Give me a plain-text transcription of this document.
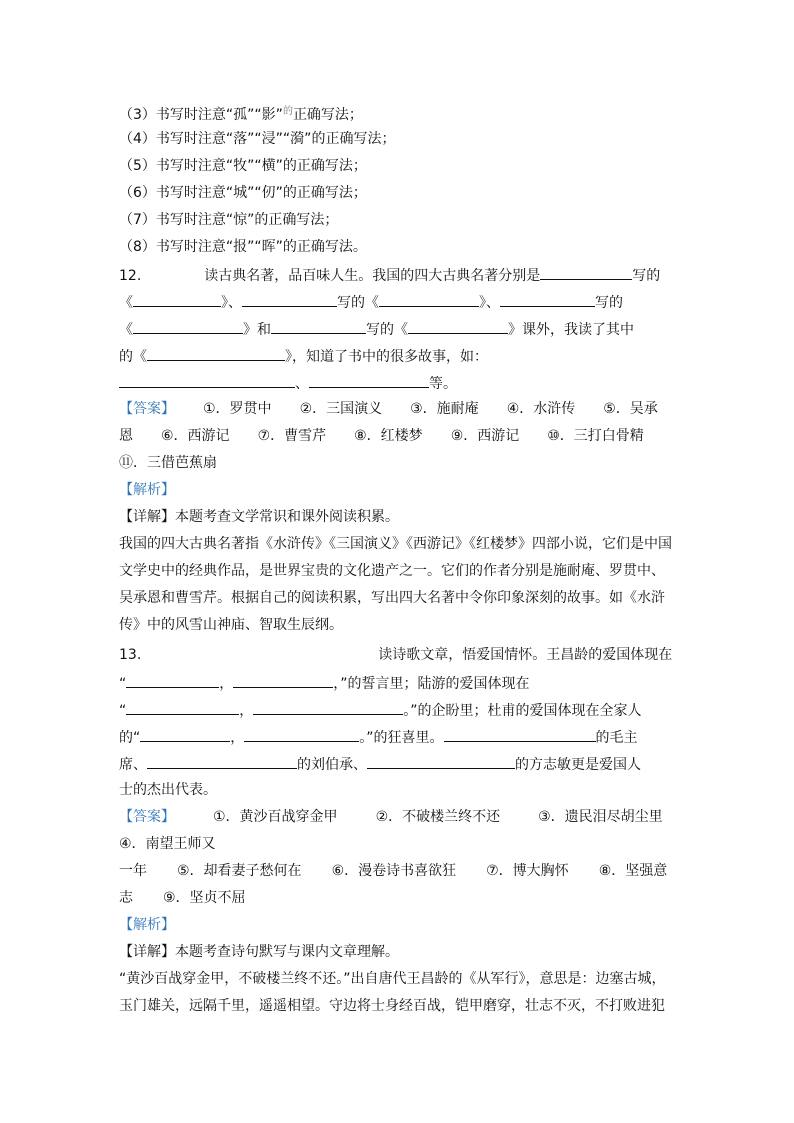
（3）书写时注意“孤”“影”$^的$正确写法；
（4）书写时注意“落”“浸”“漪”的正确写法；
（5）书写时注意“牧”“横”的正确写法；
（6）书写时注意“城”“仞”的正确写法；
（7）书写时注意“惊”的正确写法；
（8）书写时注意“报”“晖”的正确写法。
12.	读古典名著，品百味人生。我国的四大古典名著分别是	写的
《	》、	写的《	》、	写的
《	》和	写的《	》课外，我读了其中
的《	》，知道了书中的很多故事，如：
、	等。
【答案】 ①．罗贯中 ②．三国演义 ③．施耐庵 ④．水浒传 ⑤．吴承
恩 ⑥．西游记 ⑦．曹雪芹 ⑧．红楼梦 ⑨．西游记 ⑩．三打白骨精
⑪．三借芭蕉扇
【解析】
【详解】本题考查文学常识和课外阅读积累。
我国的四大古典名著指《水浒传》《三国演义》《西游记》《红楼梦》四部小说，它们是中国
文学史中的经典作品，是世界宝贵的文化遗产之一。它们的作者分别是施耐庵、罗贯中、
吴承恩和曹雪芹。根据自己的阅读积累，写出四大名著中令你印象深刻的故事。如《水浒
传》中的风雪山神庙、智取生辰纲。
13.	读诗歌文章，悟爱国情怀。王昌龄的爱国体现在
“	，	，”的誓言里；陆游的爱国体现在
“	，	。”的企盼里；杜甫的爱国体现在全家人
的“	，	。”的狂喜里。	的毛主
席、	的刘伯承、	的方志敏更是爱国人
士的杰出代表。
【答案】	①．黄沙百战穿金甲	②．不破楼兰终不还	③．遗民泪尽胡尘里
④．南望王师又
一年 ⑤．却看妻子愁何在 ⑥．漫卷诗书喜欲狂 ⑦．博大胸怀 ⑧．坚强意
志 ⑨．坚贞不屈
【解析】
【详解】本题考查诗句默写与课内文章理解。
“黄沙百战穿金甲，不破楼兰终不还。”出自唐代王昌龄的《从军行》，意思是：边塞古城，
玉门雄关，远隔千里，遥遥相望。守边将士身经百战，铠甲磨穿，壮志不灭，不打败进犯
